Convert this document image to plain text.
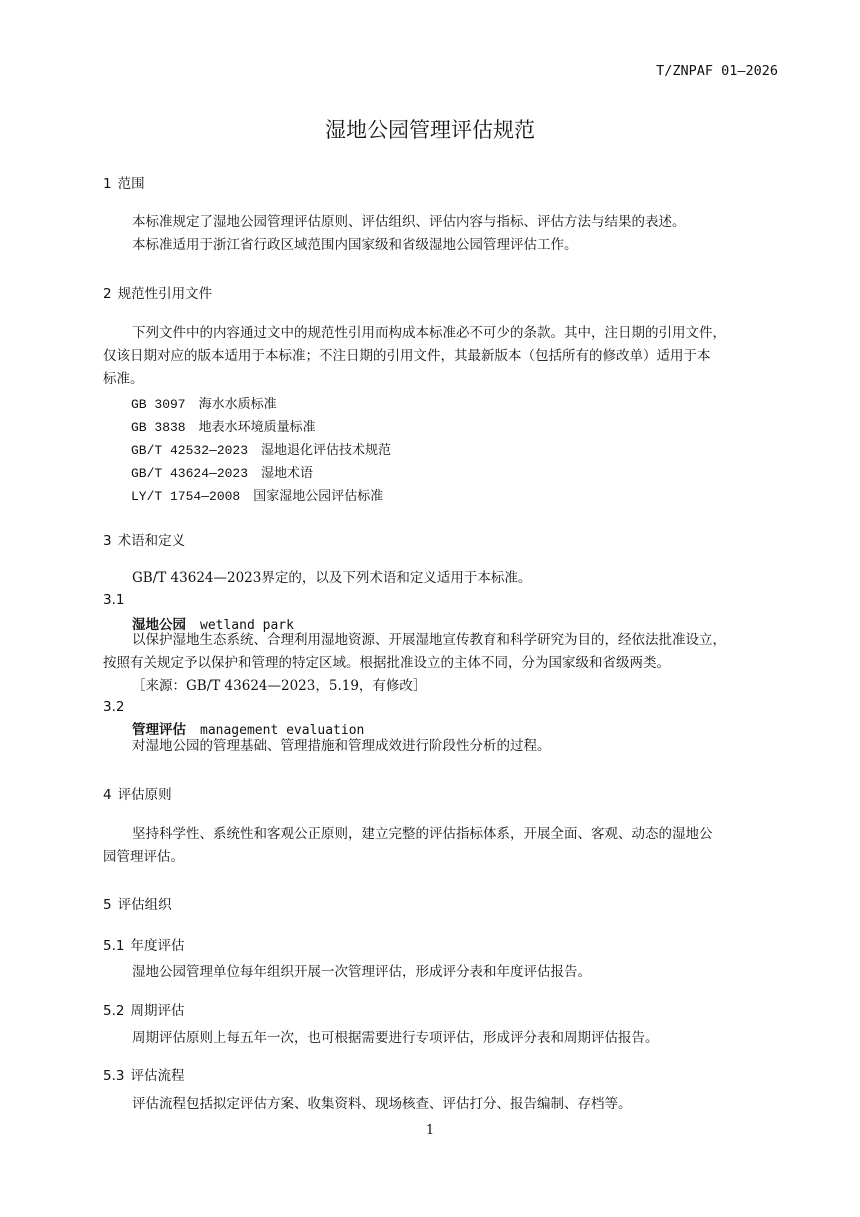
T/ZNPAF 01—2026
湿地公园管理评估规范
1 范围
本标准规定了湿地公园管理评估原则、评估组织、评估内容与指标、评估方法与结果的表述。
本标准适用于浙江省行政区域范围内国家级和省级湿地公园管理评估工作。
2 规范性引用文件
下列文件中的内容通过文中的规范性引用而构成本标准必不可少的条款。其中，注日期的引用文件，
仅该日期对应的版本适用于本标准；不注日期的引用文件，其最新版本（包括所有的修改单）适用于本
标准。
GB 3097 海水水质标准
GB 3838 地表水环境质量标准
GB/T 42532—2023 湿地退化评估技术规范
GB/T 43624—2023 湿地术语
LY/T 1754—2008 国家湿地公园评估标准
3 术语和定义
GB/T 43624—2023界定的，以及下列术语和定义适用于本标准。
3.1
湿地公园 wetland park
以保护湿地生态系统、合理利用湿地资源、开展湿地宣传教育和科学研究为目的，经依法批准设立，
按照有关规定予以保护和管理的特定区域。根据批准设立的主体不同，分为国家级和省级两类。
［来源：GB/T 43624—2023，5.19，有修改］
3.2
管理评估 management evaluation
对湿地公园的管理基础、管理措施和管理成效进行阶段性分析的过程。
4 评估原则
坚持科学性、系统性和客观公正原则，建立完整的评估指标体系，开展全面、客观、动态的湿地公
园管理评估。
5 评估组织
5.1 年度评估
湿地公园管理单位每年组织开展一次管理评估，形成评分表和年度评估报告。
5.2 周期评估
周期评估原则上每五年一次，也可根据需要进行专项评估，形成评分表和周期评估报告。
5.3 评估流程
评估流程包括拟定评估方案、收集资料、现场核查、评估打分、报告编制、存档等。
1
